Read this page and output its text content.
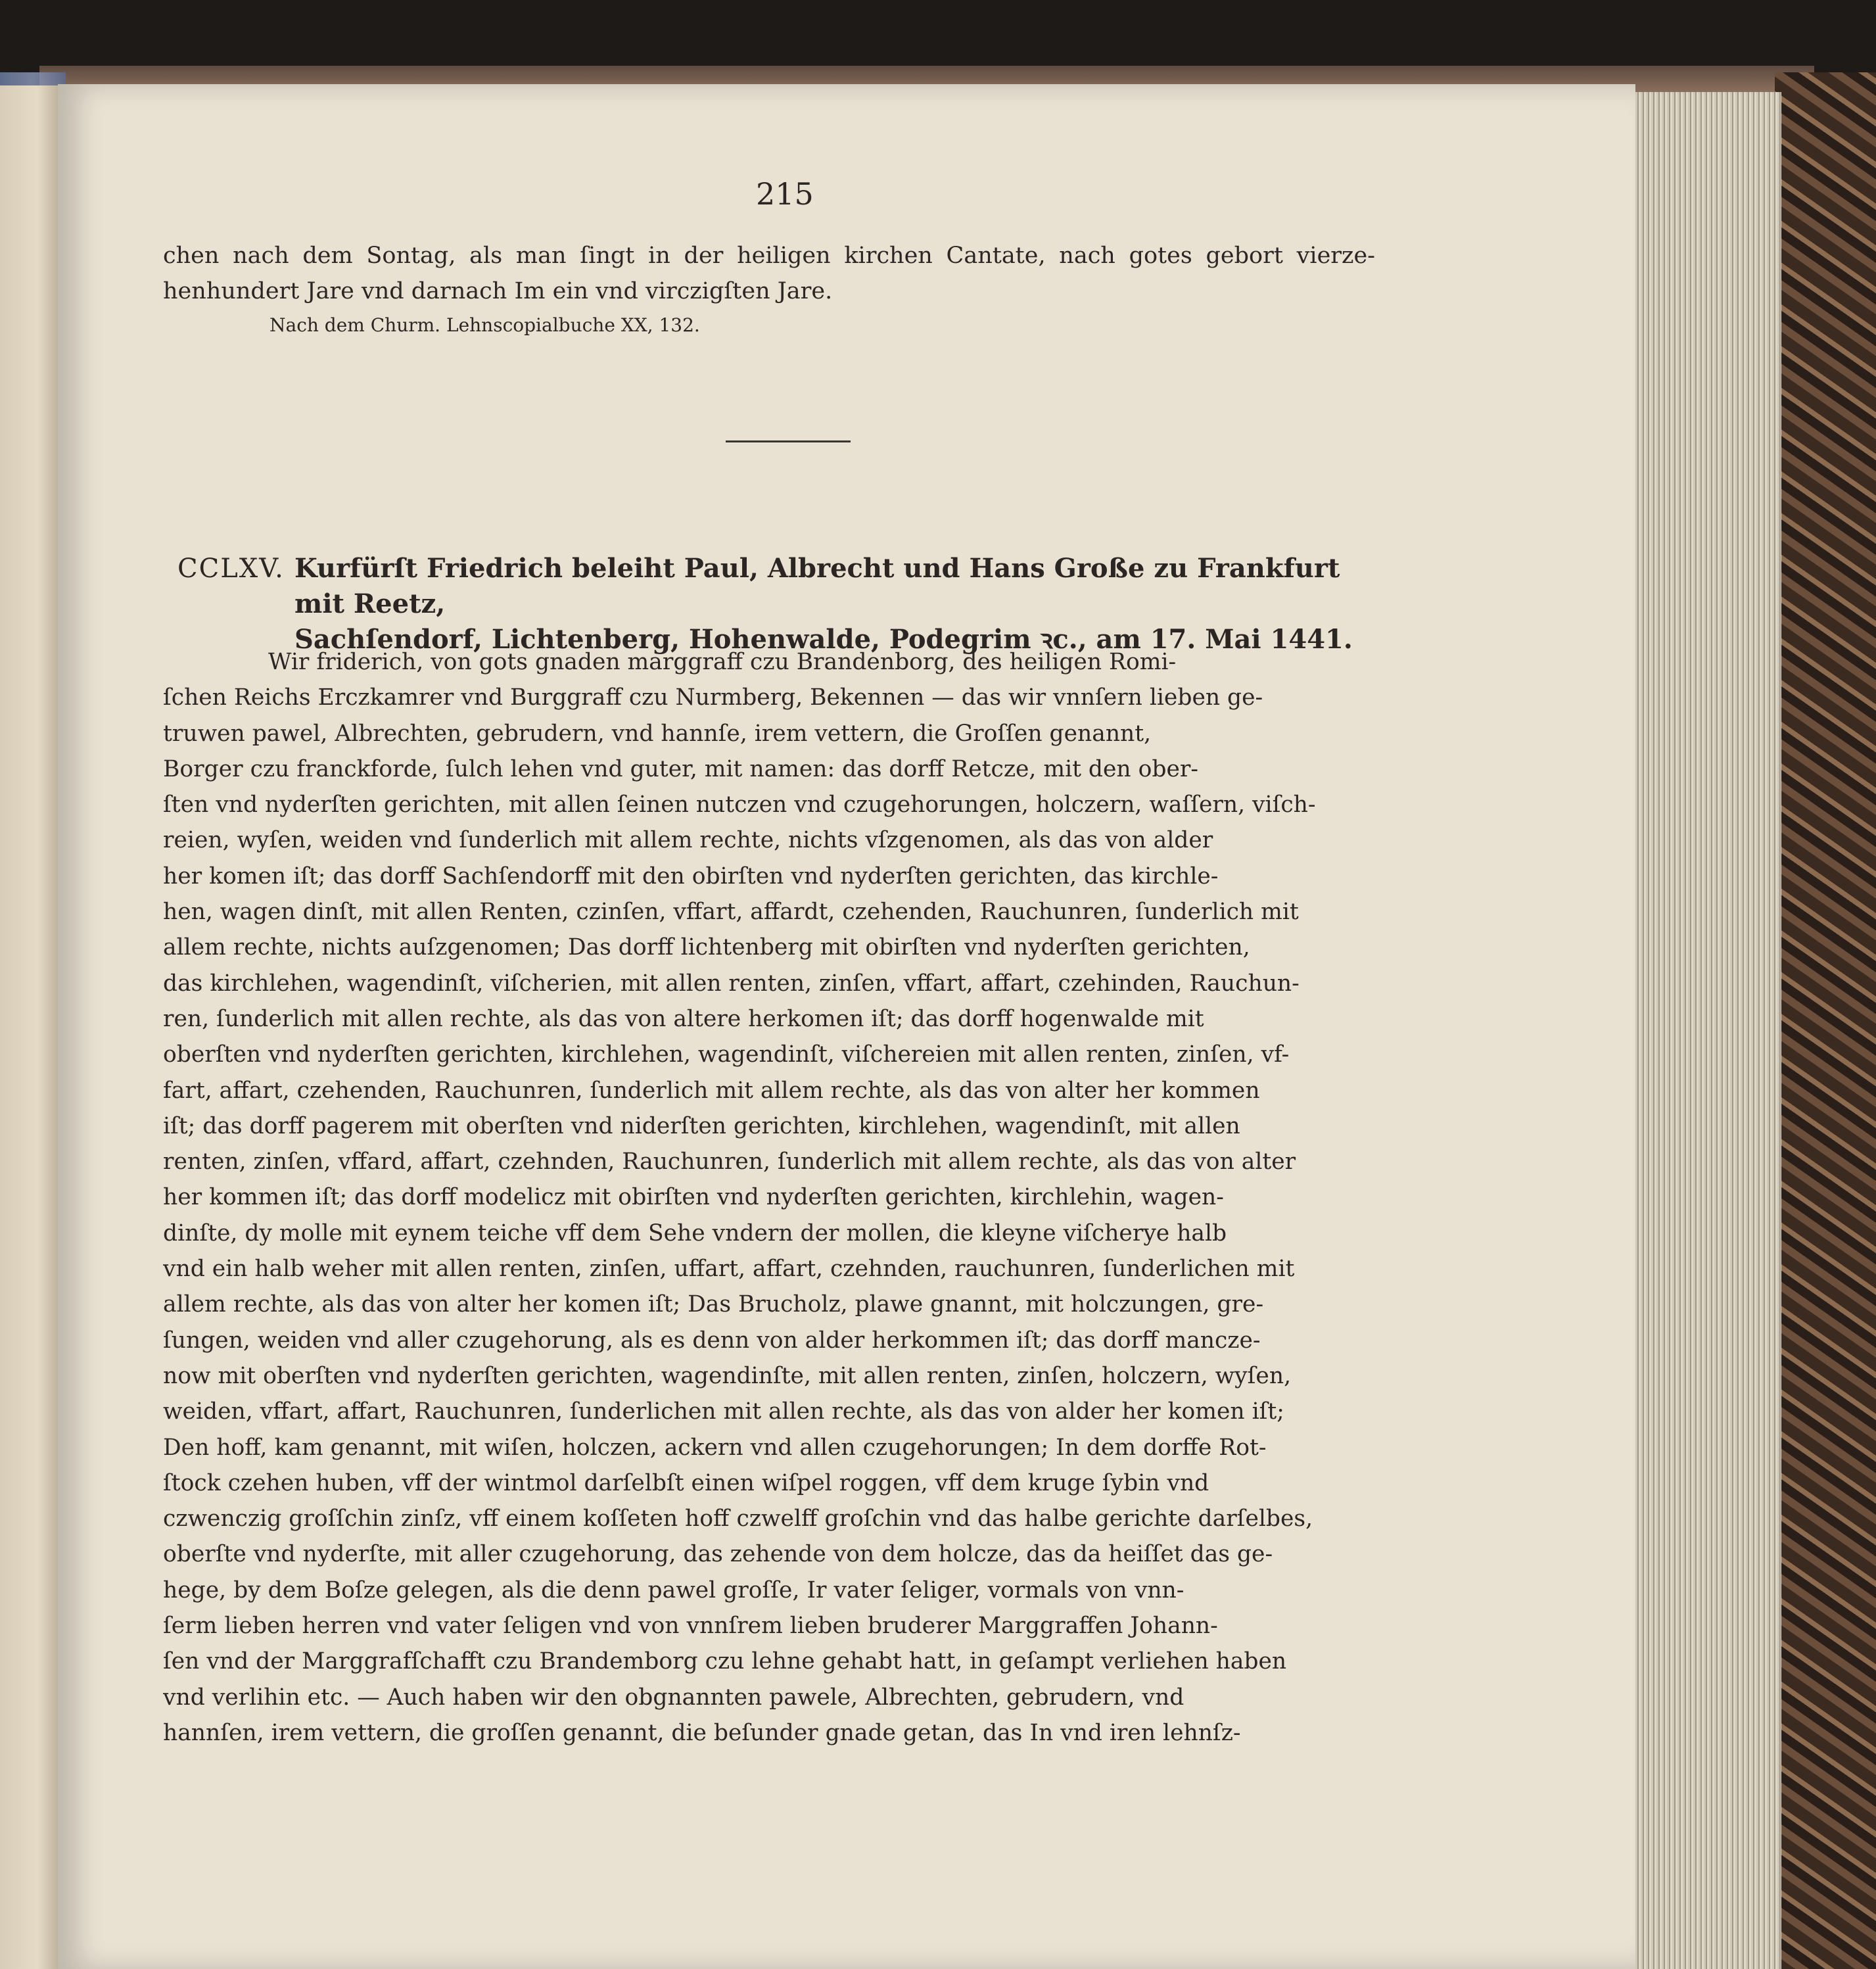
215
chen nach dem Sontag, als man ſingt in der heiligen kirchen Cantate, nach gotes gebort vierze-henhundert Jare vnd darnach Im ein vnd virczigſten Jare.
Nach dem Churm. Lehnscopialbuche XX, 132.
CCLXV. Kurfürſt Friedrich beleiht Paul, Albrecht und Hans Große zu Frankfurt mit Reetz,
Sachſendorf, Lichtenberg, Hohenwalde, Podegrim ꝛc., am 17. Mai 1441.
Wir friderich, von gots gnaden marggraff czu Brandenborg, des heiligen Romi-
ſchen Reichs Erczkamrer vnd Burggraff czu Nurmberg, Bekennen — das wir vnnſern lieben ge-
truwen pawel, Albrechten, gebrudern, vnd hannſe, irem vettern, die Groſſen genannt,
Borger czu franckforde, ſulch lehen vnd guter, mit namen: das dorff Retcze, mit den ober-
ſten vnd nyderſten gerichten, mit allen ſeinen nutczen vnd czugehorungen, holczern, waſſern, viſch-
reien, wyſen, weiden vnd ſunderlich mit allem rechte, nichts vſzgenomen, als das von alder
her komen iſt; das dorff Sachſendorff mit den obirſten vnd nyderſten gerichten, das kirchle-
hen, wagen dinſt, mit allen Renten, czinſen, vffart, affardt, czehenden, Rauchunren, ſunderlich mit
allem rechte, nichts auſzgenomen; Das dorff lichtenberg mit obirſten vnd nyderſten gerichten,
das kirchlehen, wagendinſt, viſcherien, mit allen renten, zinſen, vffart, affart, czehinden, Rauchun-
ren, ſunderlich mit allen rechte, als das von altere herkomen iſt; das dorff hogenwalde mit
oberſten vnd nyderſten gerichten, kirchlehen, wagendinſt, viſchereien mit allen renten, zinſen, vf-
fart, affart, czehenden, Rauchunren, ſunderlich mit allem rechte, als das von alter her kommen
iſt; das dorff pagerem mit oberſten vnd niderſten gerichten, kirchlehen, wagendinſt, mit allen
renten, zinſen, vffard, affart, czehnden, Rauchunren, ſunderlich mit allem rechte, als das von alter
her kommen iſt; das dorff modelicz mit obirſten vnd nyderſten gerichten, kirchlehin, wagen-
dinſte, dy molle mit eynem teiche vff dem Sehe vndern der mollen, die kleyne viſcherye halb
vnd ein halb weher mit allen renten, zinſen, uffart, affart, czehnden, rauchunren, ſunderlichen mit
allem rechte, als das von alter her komen iſt; Das Brucholz, plawe gnannt, mit holczungen, gre-
ſungen, weiden vnd aller czugehorung, als es denn von alder herkommen iſt; das dorff mancze-
now mit oberſten vnd nyderſten gerichten, wagendinſte, mit allen renten, zinſen, holczern, wyſen,
weiden, vffart, affart, Rauchunren, ſunderlichen mit allen rechte, als das von alder her komen iſt;
Den hoff, kam genannt, mit wiſen, holczen, ackern vnd allen czugehorungen; In dem dorffe Rot-
ſtock czehen huben, vff der wintmol darſelbſt einen wiſpel roggen, vff dem kruge ſybin vnd
czwenczig groſſchin zinſz, vff einem koſſeten hoff czwelff groſchin vnd das halbe gerichte darſelbes,
oberſte vnd nyderſte, mit aller czugehorung, das zehende von dem holcze, das da heiſſet das ge-
hege, by dem Boſze gelegen, als die denn pawel groſſe, Ir vater ſeliger, vormals von vnn-
ſerm lieben herren vnd vater ſeligen vnd von vnnſrem lieben bruderer Marggraffen Johann-
ſen vnd der Marggrafſchafft czu Brandemborg czu lehne gehabt hatt, in geſampt verliehen haben
vnd verlihin etc. — Auch haben wir den obgnannten pawele, Albrechten, gebrudern, vnd
hannſen, irem vettern, die groſſen genannt, die beſunder gnade getan, das In vnd iren lehnſz-
